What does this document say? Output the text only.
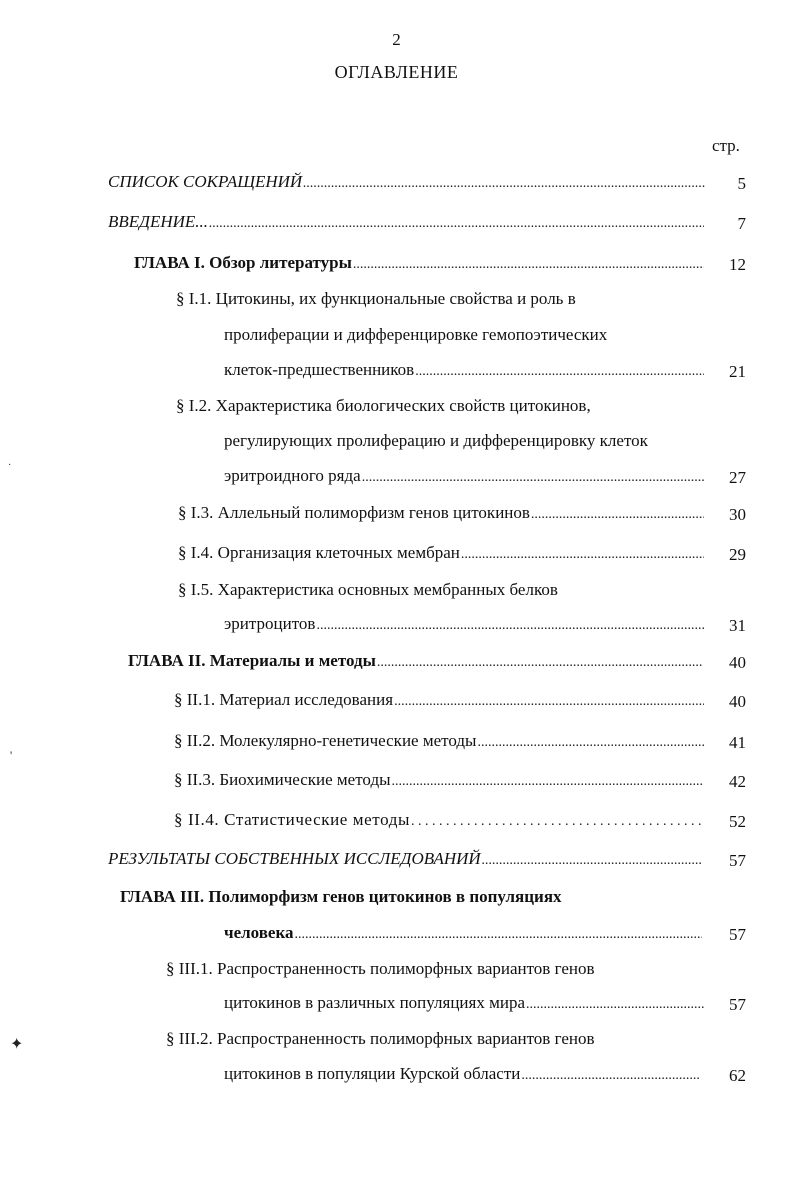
2
ОГЛАВЛЕНИЕ
стр.
СПИСОК СОКРАЩЕНИЙ .....	5
ВВЕДЕНИЕ... .....	7
ГЛАВА I. Обзор литературы .....	12
§ I.1. Цитокины, их функциональные свойства и роль в
пролиферации и дифференцировке гемопоэтических
клеток-предшественников .....	21
§ I.2. Характеристика биологических свойств цитокинов,
регулирующих пролиферацию и дифференцировку клеток
эритроидного ряда .....	27
§ I.3. Аллельный полиморфизм генов цитокинов .....	30
§ I.4. Организация клеточных мембран .....	29
§ I.5. Характеристика основных мембранных белков
эритроцитов .....	31
ГЛАВА II. Материалы и методы .....	40
§ II.1. Материал исследования .....	40
§ II.2. Молекулярно-генетические методы .....	41
§ II.3. Биохимические методы .....	42
§ II.4. Статистические методы . . .	52
РЕЗУЛЬТАТЫ СОБСТВЕННЫХ ИССЛЕДОВАНИЙ .....	57
ГЛАВА III. Полиморфизм генов цитокинов в популяциях
человека .....	57
§ III.1. Распространенность полиморфных вариантов генов
цитокинов в различных популяциях мира .....	57
§ III.2. Распространенность полиморфных вариантов генов
цитокинов в популяции Курской области .....	62
·
'
✦
